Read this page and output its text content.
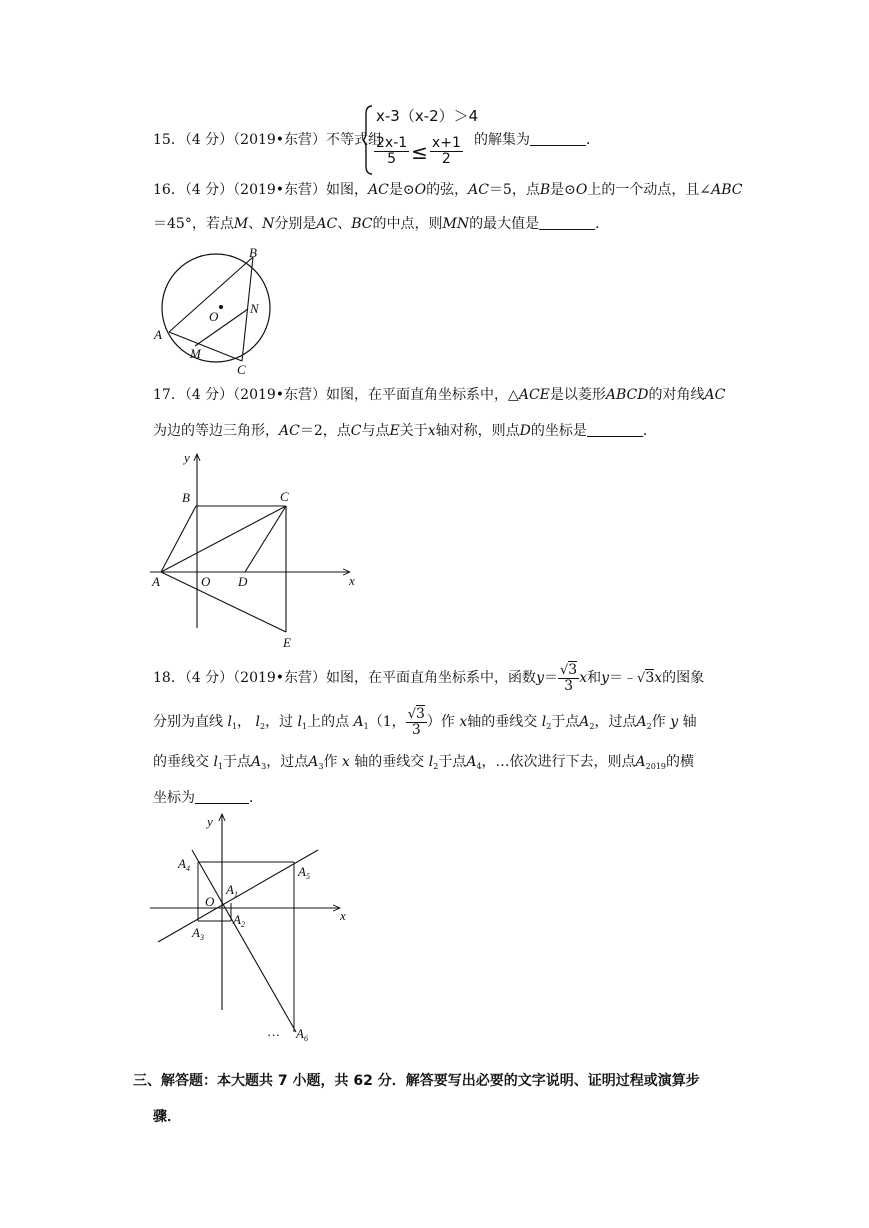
15．（4 分）（2019•东营）不等式组
x-3（x-2）＞4
$\frac{2x-1}{5} \le \frac{x+1}{2}$ 的解集为	．
16．（4 分）（2019•东营）如图，AC是⊙O的弦，AC＝5，点B是⊙O上的一个动点，且∠ABC
＝45°，若点M、N分别是AC、BC的中点，则MN的最大值是	．
B
O
N
A
M
C
17．（4 分）（2019•东营）如图，在平面直角坐标系中，△ACE是以菱形ABCD的对角线AC
为边的等边三角形，AC＝2，点C与点E关于x轴对称，则点D的坐标是	．
y
B	C
A	O D	x
E
18．（4 分）（2019•东营）如图，在平面直角坐标系中，函数$y= \frac{√3}{3}$ x和y＝﹣√3x的图象
分别为直线 $l_1$， $l_2$，过 $l_1$上的点 $A_1(1$， $\frac{√3}{3}$ ）作 x轴的垂线交 $l_2$于点$A_2$，过点$A_2$作 y 轴
的垂线交 $l_1$于点$A_3$，过点$A_3$作 x 轴的垂线交 $l_2$于点$A_4$，…依次进行下去，则点$A_{2019}$的横
坐标为	．
y
x
O
$A_4$	$A_5$
$A_1$
$A_2$
$A_3$
… $A_6$
三、解答题：本大题共 7 小题，共 62 分．解答要写出必要的文字说明、证明过程或演算步
骤．
